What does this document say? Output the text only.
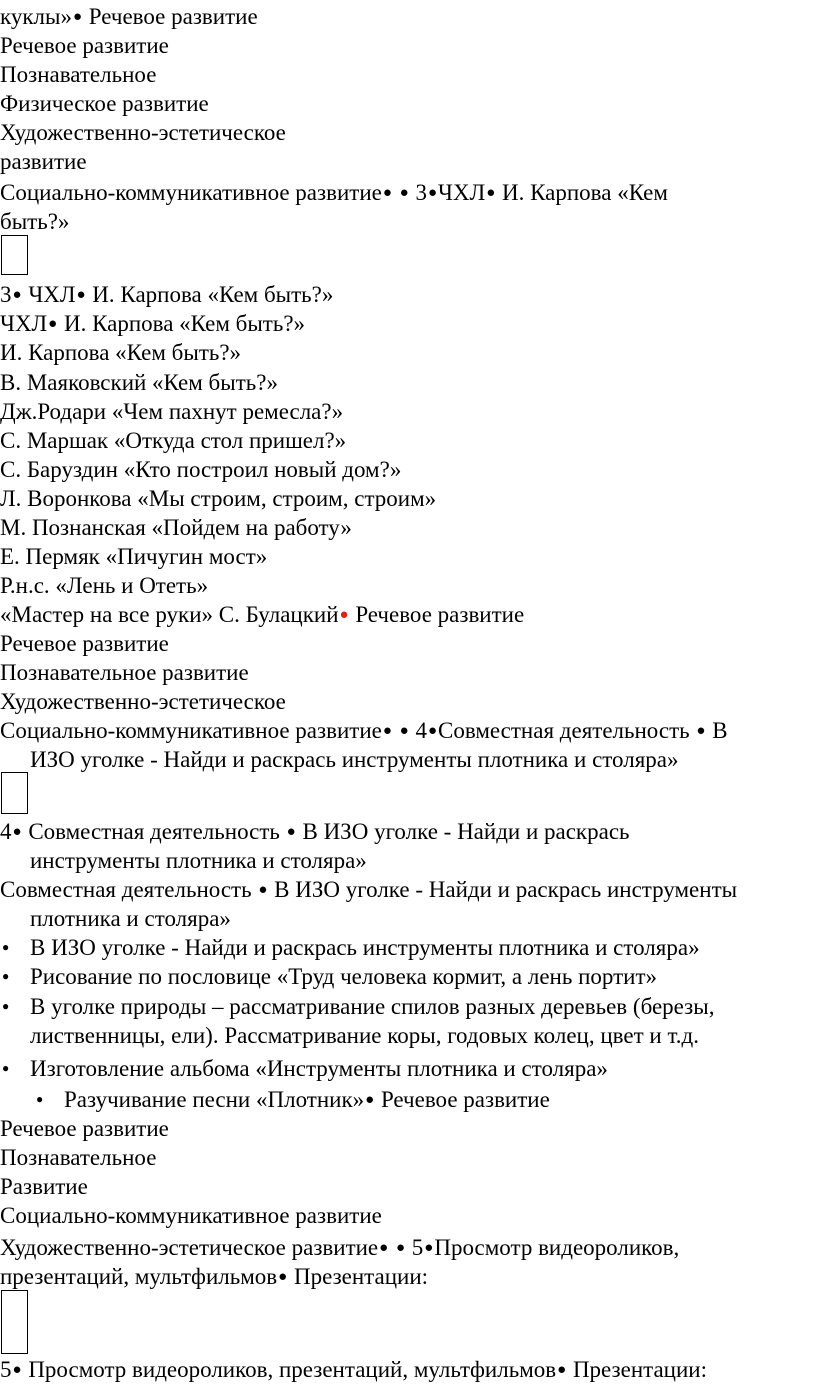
куклы»● Речевое развитие
Речевое развитие
Познавательное
Физическое развитие
Художественно-эстетическое
развитие
Социально-коммуникативное развитие● ● 3●ЧХЛ● И. Карпова «Кем
быть?»
3● ЧХЛ● И. Карпова «Кем быть?»
ЧХЛ● И. Карпова «Кем быть?»
И. Карпова «Кем быть?»
В. Маяковский «Кем быть?»
Дж.Родари «Чем пахнут ремесла?»
С. Маршак «Откуда стол пришел?»
С. Баруздин «Кто построил новый дом?»
Л. Воронкова «Мы строим, строим, строим»
М. Познанская «Пойдем на работу»
Е. Пермяк «Пичугин мост»
Р.н.с. «Лень и Отеть»
«Мастер на все руки» С. Булацкий● Речевое развитие
Речевое развитие
Познавательное развитие
Художественно-эстетическое
Социально-коммуникативное развитие● ● 4●Совместная деятельность ● В
ИЗО уголке - Найди и раскрась инструменты плотника и столяра»
4● Совместная деятельность ● В ИЗО уголке - Найди и раскрась
инструменты плотника и столяра»
Совместная деятельность ● В ИЗО уголке - Найди и раскрась инструменты
плотника и столяра»
● В ИЗО уголке - Найди и раскрась инструменты плотника и столяра»
● Рисование по пословице «Труд человека кормит, а лень портит»
● В уголке природы – рассматривание спилов разных деревьев (березы,
лиственницы, ели). Рассматривание коры, годовых колец, цвет и т.д.
● Изготовление альбома «Инструменты плотника и столяра»
● Разучивание песни «Плотник»● Речевое развитие
Речевое развитие
Познавательное
Развитие
Социально-коммуникативное развитие
Художественно-эстетическое развитие● ● 5●Просмотр видеороликов,
презентаций, мультфильмов● Презентации:
5● Просмотр видеороликов, презентаций, мультфильмов● Презентации:
